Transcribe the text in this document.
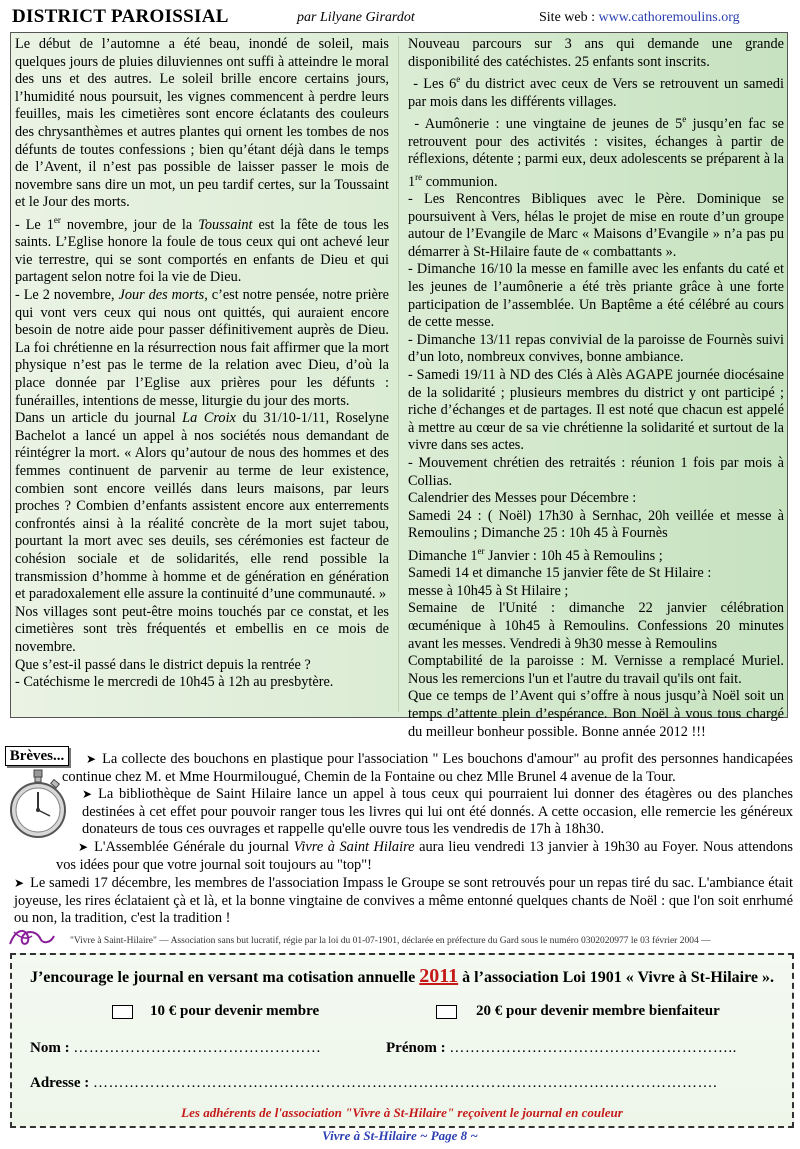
DISTRICT PAROISSIAL	par Lilyane Girardot	Site web : www.cathoremoulins.org

Le début de l’automne a été beau, inondé de soleil, mais quelques jours de pluies diluviennes ont suffi à atteindre le moral des uns et des autres. Le soleil brille encore certains jours, l’humidité nous poursuit, les vignes commencent à perdre leurs feuilles, mais les cimetières sont encore éclatants des couleurs des chrysanthèmes et autres plantes qui ornent les tombes de nos défunts de toutes confessions ; bien qu’étant déjà dans le temps de l’Avent, il n’est pas possible de laisser passer le mois de novembre sans dire un mot, un peu tardif certes, sur la Toussaint et le Jour des morts.

- Le 1er novembre, jour de la Toussaint est la fête de tous les saints. L’Eglise honore la foule de tous ceux qui ont achevé leur vie terrestre, qui se sont comportés en enfants de Dieu et qui partagent selon notre foi la vie de Dieu.

- Le 2 novembre, Jour des morts, c’est notre pensée, notre prière qui vont vers ceux qui nous ont quittés, qui auraient encore besoin de notre aide pour passer définitivement auprès de Dieu. La foi chrétienne en la résurrection nous fait affirmer que la mort physique n’est pas le terme de la relation avec Dieu, d’où la place donnée par l’Eglise aux prières pour les défunts : funérailles, intentions de messe, liturgie du jour des morts.

Dans un article du journal La Croix du 31/10-1/11, Roselyne Bachelot a lancé un appel à nos sociétés nous demandant de réintégrer la mort. « Alors qu’autour de nous des hommes et des femmes continuent de parvenir au terme de leur existence, combien sont encore veillés dans leurs maisons, par leurs proches ? Combien d’enfants assistent encore aux enterrements confrontés ainsi à la réalité concrète de la mort sujet tabou, pourtant la mort avec ses deuils, ses cérémonies est facteur de cohésion sociale et de solidarités, elle rend possible la transmission d’homme à homme et de génération en génération et paradoxalement elle assure la continuité d’une communauté. »

Nos villages sont peut-être moins touchés par ce constat, et les cimetières sont très fréquentés et embellis en ce mois de novembre.

Que s’est-il passé dans le district depuis la rentrée ?

- Catéchisme le mercredi de 10h45 à 12h au presbytère.

Nouveau parcours sur 3 ans qui demande une grande disponibilité des catéchistes. 25 enfants sont inscrits.

- Les 6e du district avec ceux de Vers se retrouvent un samedi par mois dans les différents villages.

- Aumônerie : une vingtaine de jeunes de 5e jusqu’en fac se retrouvent pour des activités : visites, échanges à partir de réflexions, détente ; parmi eux, deux adolescents se préparent à la 1re communion.

- Les Rencontres Bibliques avec le Père. Dominique se poursuivent à Vers, hélas le projet de mise en route d’un groupe autour de l’Evangile de Marc « Maisons d’Evangile » n’a pas pu démarrer à St-Hilaire faute de « combattants ».

- Dimanche 16/10 la messe en famille avec les enfants du caté et les jeunes de l’aumônerie a été très priante grâce à une forte participation de l’assemblée. Un Baptême a été célébré au cours de cette messe.

- Dimanche 13/11 repas convivial de la paroisse de Fournès suivi d’un loto, nombreux convives, bonne ambiance.

- Samedi 19/11 à ND des Clés à Alès AGAPE journée diocésaine de la solidarité ; plusieurs membres du district y ont participé ; riche d’échanges et de partages. Il est noté que chacun est appelé à mettre au cœur de sa vie chrétienne la solidarité et surtout de la vivre dans ses actes.

- Mouvement chrétien des retraités : réunion 1 fois par mois à Collias.

Calendrier des Messes pour Décembre :

Samedi 24 : ( Noël) 17h30 à Sernhac, 20h veillée et messe à Remoulins ; Dimanche 25 : 10h 45 à Fournès

Dimanche 1er Janvier : 10h 45 à Remoulins ;

Samedi 14 et dimanche 15 janvier fête de St Hilaire :

messe à 10h45 à St Hilaire ;

Semaine de l'Unité : dimanche 22 janvier célébration œcuménique à 10h45 à Remoulins. Confessions 20 minutes avant les messes. Vendredi à 9h30 messe à Remoulins

Comptabilité de la paroisse : M. Vernisse a remplacé Muriel. Nous les remercions l'un et l'autre du travail qu'ils ont fait.

Que ce temps de l’Avent qui s’offre à nous jusqu’à Noël soit un temps d’attente plein d’espérance. Bon Noël à vous tous chargé du meilleur bonheur possible. Bonne année 2012 !!!

Brèves...	➤ La collecte des bouchons en plastique pour l'association " Les bouchons d'amour" au profit des personnes handicapées continue chez M. et Mme Hourmilougué, Chemin de la Fontaine ou chez Mlle Brunel 4 avenue de la Tour.
➤ La bibliothèque de Saint Hilaire lance un appel à tous ceux qui pourraient lui donner des étagères ou des planches destinées à cet effet pour pouvoir ranger tous les livres qui lui ont été donnés. A cette occasion, elle remercie les généreux donateurs de tous ces ouvrages et rappelle qu'elle ouvre tous les vendredis de 17h à 18h30.
➤ L'Assemblée Générale du journal Vivre à Saint Hilaire aura lieu vendredi 13 janvier à 19h30 au Foyer. Nous attendons vos idées pour que votre journal soit toujours au "top"!
➤ Le samedi 17 décembre, les membres de l'association Impass le Groupe se sont retrouvés pour un repas tiré du sac. L'ambiance était joyeuse, les rires éclataient çà et là, et la bonne vingtaine de convives a même entonné quelques chants de Noël : que l'on soit enrhumé ou non, la tradition, c'est la tradition !
"Vivre à Saint-Hilaire" — Association sans but lucratif, régie par la loi du 01-07-1901, déclarée en préfecture du Gard sous le numéro 0302020977 le 03 février 2004 —
J’encourage le journal en versant ma cotisation annuelle 2011 à l’association Loi 1901 « Vivre à St-Hilaire ».
10 € pour devenir membre	20 € pour devenir membre bienfaiteur
Nom : …………………………………………	Prénom : ………………………………………………..
Adresse : ………………………………………………………………………………………………………….
Les adhérents de l'association "Vivre à St-Hilaire" reçoivent le journal en couleur
Vivre à St-Hilaire ~ Page 8 ~
